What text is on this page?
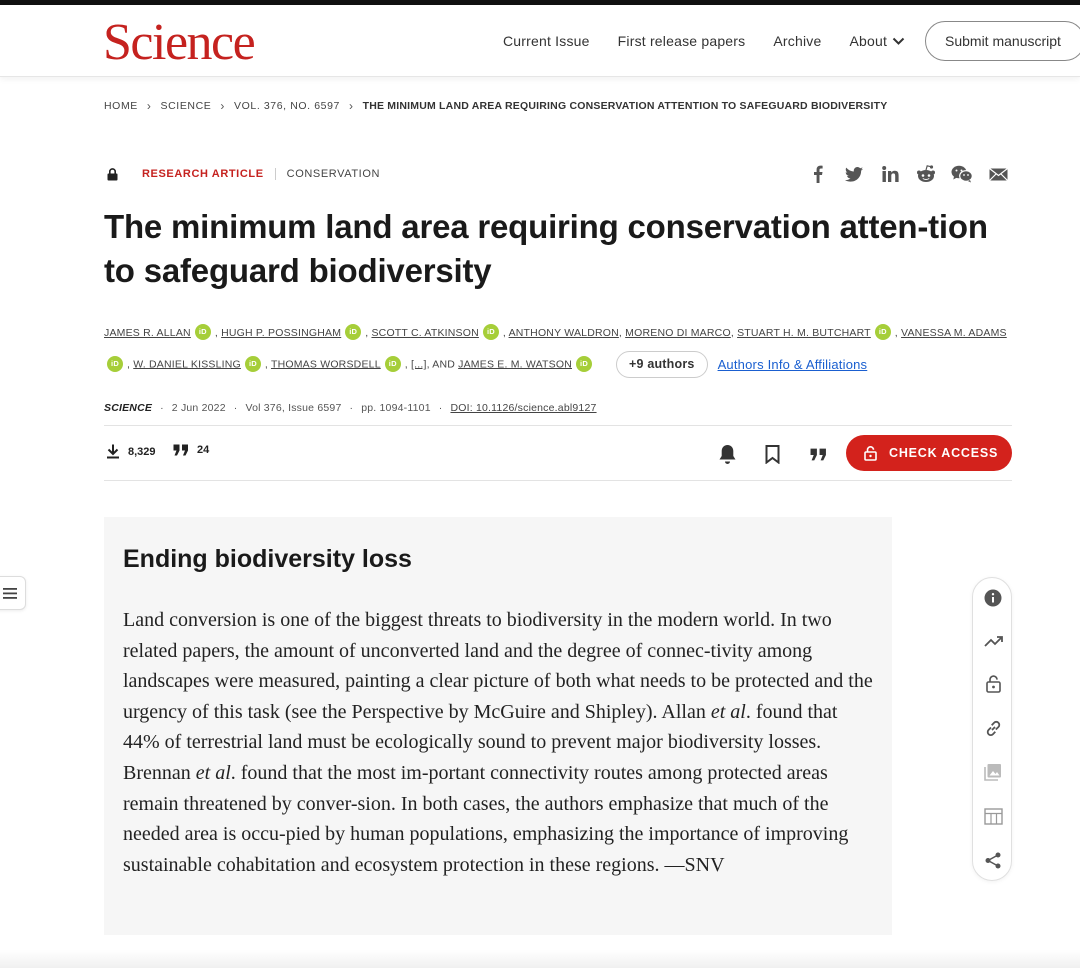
Science	Current Issue First release papers Archive About	Submit manuscript
HOME › SCIENCE › VOL. 376, NO. 6597 › THE MINIMUM LAND AREA REQUIRING CONSERVATION ATTENTION TO SAFEGUARD BIODIVERSITY
RESEARCH ARTICLE CONSERVATION
The minimum land area requiring conservation atten-tion to safeguard biodiversity
JAMES R. ALLAN iD , HUGH P. POSSINGHAM iD , SCOTT C. ATKINSON iD , ANTHONY WALDRON, MORENO DI MARCO, STUART H. M. BUTCHART iD , VANESSA M. ADAMS
iD , W. DANIEL KISSLING iD , THOMAS WORSDELL iD , [...], AND JAMES E. M. WATSON iD	+9 authors Authors Info & Affiliations
SCIENCE · 2 Jun 2022 · Vol 376, Issue 6597 · pp. 1094-1101 · DOI: 10.1126/science.abl9127
8,329	24	CHECK ACCESS
Ending biodiversity loss

Land conversion is one of the biggest threats to biodiversity in the modern world. In two related papers, the amount of unconverted land and the degree of connec-tivity among landscapes were measured, painting a clear picture of both what needs to be protected and the urgency of this task (see the Perspective by McGuire and Shipley). Allan et al. found that 44% of terrestrial land must be ecologically sound to prevent major biodiversity losses. Brennan et al. found that the most im-portant connectivity routes among protected areas remain threatened by conver-sion. In both cases, the authors emphasize that much of the needed area is occu-pied by human populations, emphasizing the importance of improving sustainable cohabitation and ecosystem protection in these regions. —SNV
